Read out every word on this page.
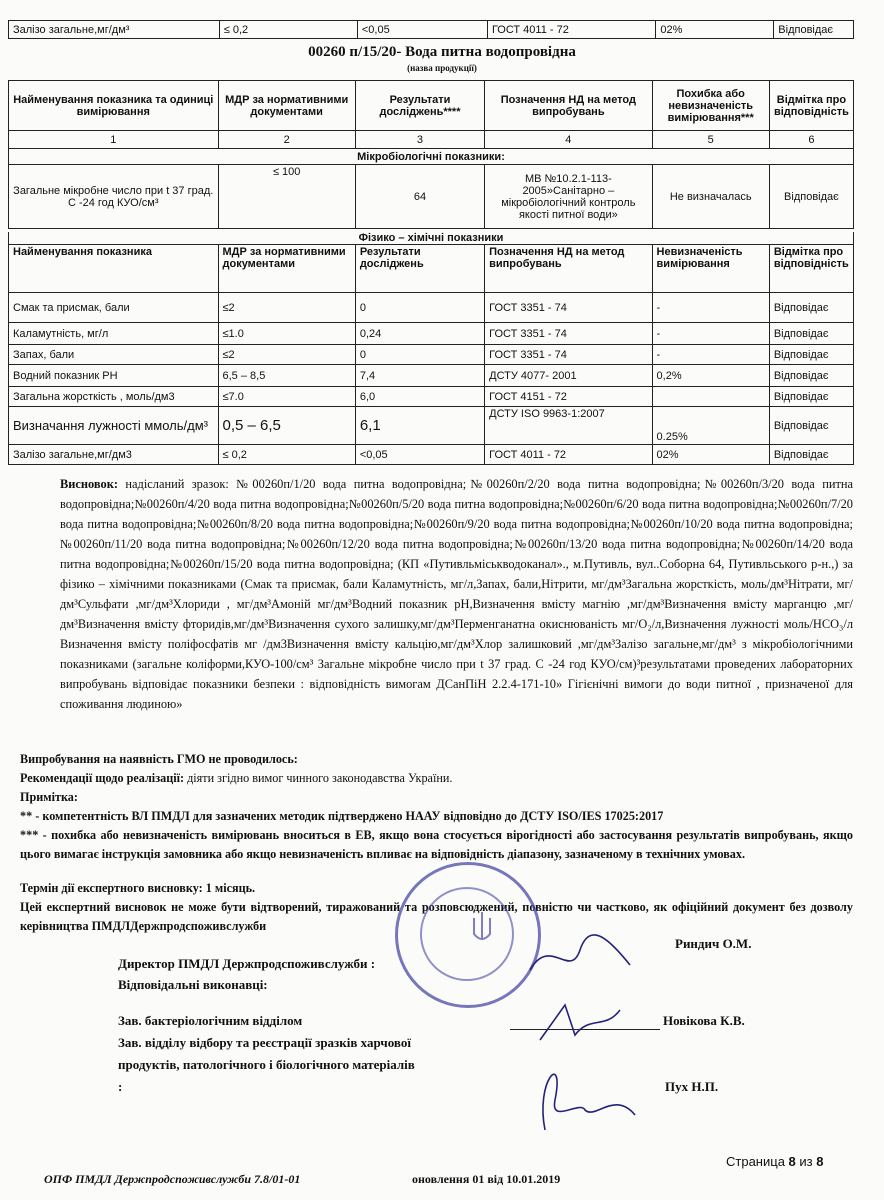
Залізо загальне,мг/дм³	≤ 0,2	<0,05	ГОСТ 4011 - 72	02%	Відповідає
00260 п/15/20- Вода питна водопровідна
(назва продукції)
Найменування показника та одиниці вимірювання	МДР за нормативними документами	Результати досліджень****	Позначення НД на метод випробувань	Похибка або невизначеність вимірювання***	Відмітка про відповідність
1	2	3	4	5	6
Мікробіологічні показники:					
Загальне мікробне число при t 37 град. С -24 год КУО/см³	≤ 100	64	МВ №10.2.1-113-2005»Санітарно – мікробіологічний контроль якості питної води»	Не визначалась	Відповідає
Фізико – хімічні показники					
Найменування показника	МДР за нормативними документами	Результати досліджень	Позначення НД на метод випробувань	Невизначеність вимірювання	Відмітка про відповідність
Смак та присмак, бали	≤2	0	ГОСТ 3351 - 74	-	Відповідає
Каламутність, мг/л	≤1.0	0,24	ГОСТ 3351 - 74	-	Відповідає
Запах, бали	≤2	0	ГОСТ 3351 - 74	-	Відповідає
Водний показник РН	6,5 – 8,5	7,4	ДСТУ 4077- 2001	0,2%	Відповідає
Загальна жорсткість , моль/дм3	≤7.0	6,0	ГОСТ 4151 - 72		Відповідає
Визначання лужності ммоль/дм³	0,5 – 6,5	6,1	ДСТУ ISO 9963-1:2007	0.25%	Відповідає
Залізо загальне,мг/дм3	≤ 0,2	<0,05	ГОСТ 4011 - 72	02%	Відповідає
Висновок: надісланий зразок: №00260п/1/20 вода питна водопровідна;№00260п/2/20 вода питна водопровідна;№00260п/3/20 вода питна водопровідна;№00260п/4/20 вода питна водопровідна;№00260п/5/20 вода питна водопровідна;№00260п/6/20 вода питна водопровідна;№00260п/7/20 вода питна водопровідна;№00260п/8/20 вода питна водопровідна;№00260п/9/20 вода питна водопровідна;№00260п/10/20 вода питна водопровідна;№00260п/11/20 вода питна водопровідна;№00260п/12/20 вода питна водопровідна;№00260п/13/20 вода питна водопровідна;№00260п/14/20 вода питна водопровідна;№00260п/15/20 вода питна водопровідна; (КП «Путивльміськводоканал»., м.Путивль, вул..Соборна 64, Путивльського р-н.,) за фізико – хімічними показниками (Смак та присмак, бали Каламутність, мг/л,Запах, бали,Нітрити, мг/дм³Загальна жорсткість, моль/дм³Нітрати, мг/дм³Сульфати ,мг/дм³Хлориди , мг/дм³Амоній мг/дм³Водний показник рН,Визначення вмісту магнію ,мг/дм³Визначення вмісту марганцю ,мг/дм³Визначення вмісту фторидів,мг/дм³Визначення сухого залишку,мг/дм³Перменганатна окиснюваність мг/О₂/л,Визначення лужності моль/НСО₃/л Визначення вмісту поліфосфатів мг /дм3Визначення вмісту кальцію,мг/дм³Хлор залишковий ,мг/дм³Залізо загальне,мг/дм³ з мікробіологічними показниками (загальне коліформи,КУО-100/см³ Загальне мікробне число при t 37 град. С -24 год КУО/см)³результатами проведених лабораторних випробувань відповідає показники безпеки : відповідність вимогам ДСанПіН 2.2.4-171-10» Гігієнічні вимоги до води питної , призначеної для споживання людиною»
Випробування на наявність ГМО не проводилось:
Рекомендації щодо реалізації: діяти згідно вимог чинного законодавства України.
Примітка:
** - компетентність ВЛ ПМДЛ для зазначених методик підтверджено НААУ відповідно до ДСТУ ISO/IES 17025:2017
*** - похибка або невизначеність вимірювань вноситься в ЕВ, якщо вона стосується вірогідності або застосування результатів випробувань, якщо цього вимагає інструкція замовника або якщо невизначеність впливає на відповідність діапазону, зазначеному в технічних умовах.
Термін дії експертного висновку: 1 місяць.
Цей експертний висновок не може бути відтворений, тиражований та розповсюджений, повністю чи частково, як офіційний документ без дозволу керівництва ПМДЛДержпродспоживслужби
Директор ПМДЛ Держпродспоживслужби :
Риндич О.М.
Відповідальні виконавці:
Зав. бактеріологічним відділом	Новікова К.В.
Зав. відділу відбору та реєстрації зразків харчової
продуктів, патологічного і біологічного матеріалів
:	Пух Н.П.
ОПФ ПМДЛ Держпродспоживслужби 7.8/01-01	оновлення 01 від 10.01.2019
Страница 8 из 8
